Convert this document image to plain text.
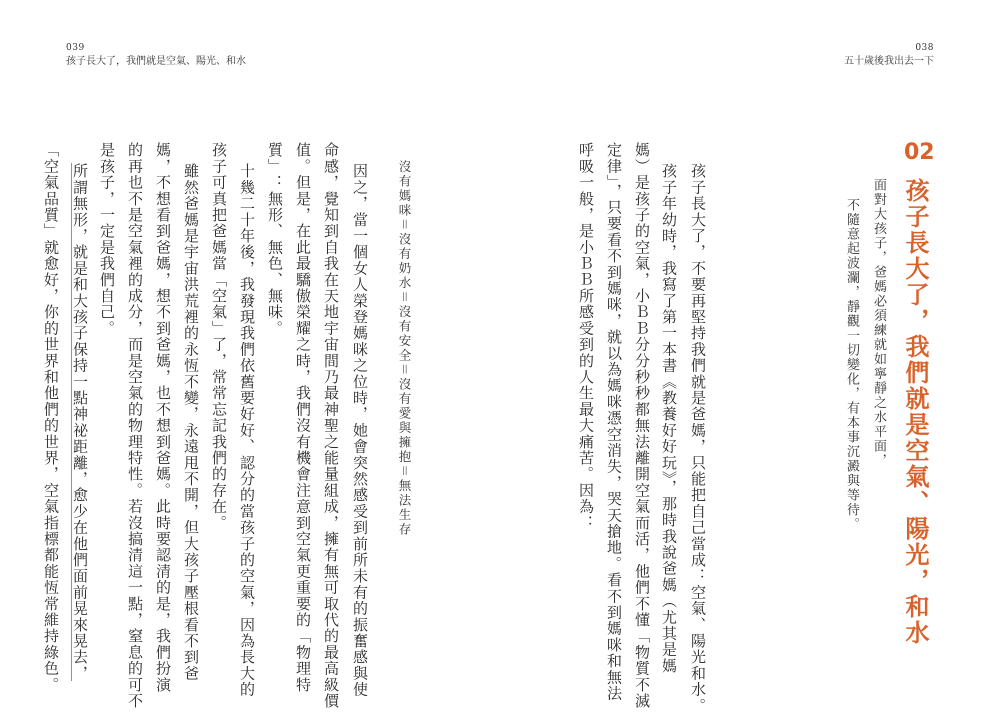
039
孩子長大了，我們就是空氣、陽光、和水
038
五十歲後我出去一下
02
孩子長大了，我們就是空氣、陽光，和水
面對大孩子，爸媽必須練就如寧靜之水平面，
不隨意起波瀾，靜觀一切變化，有本事沉澱與等待。
孩子長大了，不要再堅持我們就是爸媽，只能把自己當成：空氣、陽光和水。
孩子年幼時，我寫了第一本書《教養好好玩》，那時我說爸媽（尤其是媽
媽）是孩子的空氣，小ＢＢ分分秒秒都無法離開空氣而活，他們不懂「物質不滅
定律」，只要看不到媽咪，就以為媽咪憑空消失，哭天搶地。看不到媽咪和無法
呼吸一般，是小ＢＢ所感受到的人生最大痛苦。因為：
沒有媽咪＝沒有奶水＝沒有安全＝沒有愛與擁抱＝無法生存
因之，當一個女人榮登媽咪之位時，她會突然感受到前所未有的振奮感與使
命感，覺知到自我在天地宇宙間乃最神聖之能量組成，擁有無可取代的最高級價
值。但是，在此最驕傲榮耀之時，我們沒有機會注意到空氣更重要的「物理特
質」：無形、無色、無味。
十幾二十年後，我發現我們依舊要好好、認分的當孩子的空氣，因為長大的
孩子可真把爸媽當「空氣」了，常常忘記我們的存在。
雖然爸媽是宇宙洪荒裡的永恆不變，永遠甩不開，但大孩子壓根看不到爸
媽，不想看到爸媽，想不到爸媽，也不想到爸媽。此時要認清的是，我們扮演
的再也不是空氣裡的成分，而是空氣的物理特性。若沒搞清這一點，窒息的可不
是孩子，一定是我們自己。
所謂無形，就是和大孩子保持一點神祕距離，愈少在他們面前晃來晃去，
「空氣品質」就愈好，你的世界和他們的世界，空氣指標都能恆常維持綠色。
